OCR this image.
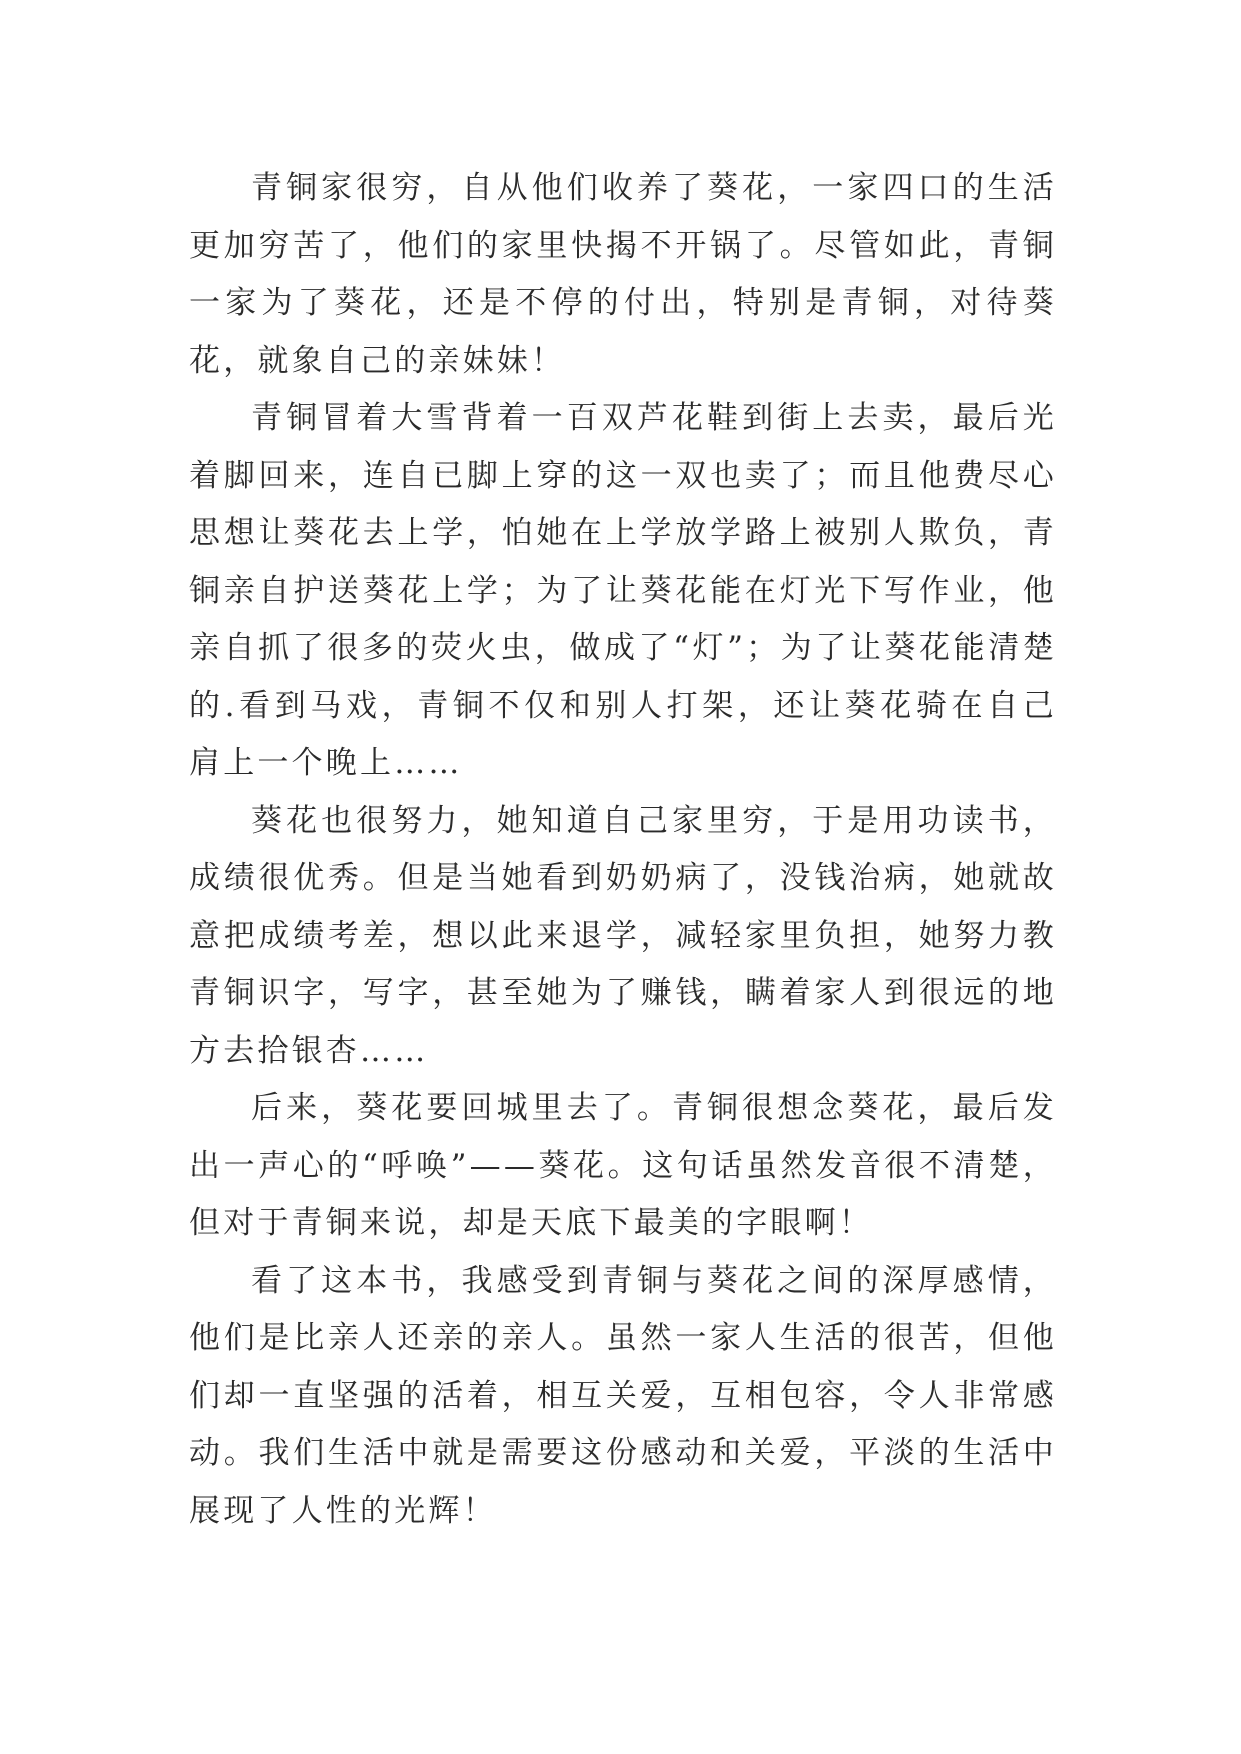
青铜家很穷，自从他们收养了葵花，一家四口的生活更加穷苦了，他们的家里快揭不开锅了。尽管如此，青铜一家为了葵花，还是不停的付出，特别是青铜，对待葵花，就象自己的亲妹妹！

青铜冒着大雪背着一百双芦花鞋到街上去卖，最后光着脚回来，连自已脚上穿的这一双也卖了；而且他费尽心思想让葵花去上学，怕她在上学放学路上被别人欺负，青铜亲自护送葵花上学；为了让葵花能在灯光下写作业，他亲自抓了很多的荧火虫，做成了“灯”；为了让葵花能清楚的.看到马戏，青铜不仅和别人打架，还让葵花骑在自己肩上一个晚上……

葵花也很努力，她知道自己家里穷，于是用功读书，成绩很优秀。但是当她看到奶奶病了，没钱治病，她就故意把成绩考差，想以此来退学，减轻家里负担，她努力教青铜识字，写字，甚至她为了赚钱，瞒着家人到很远的地方去拾银杏……

后来，葵花要回城里去了。青铜很想念葵花，最后发出一声心的“呼唤”——葵花。这句话虽然发音很不清楚，但对于青铜来说，却是天底下最美的字眼啊！

看了这本书，我感受到青铜与葵花之间的深厚感情，他们是比亲人还亲的亲人。虽然一家人生活的很苦，但他们却一直坚强的活着，相互关爱，互相包容，令人非常感动。我们生活中就是需要这份感动和关爱，平淡的生活中展现了人性的光辉！
